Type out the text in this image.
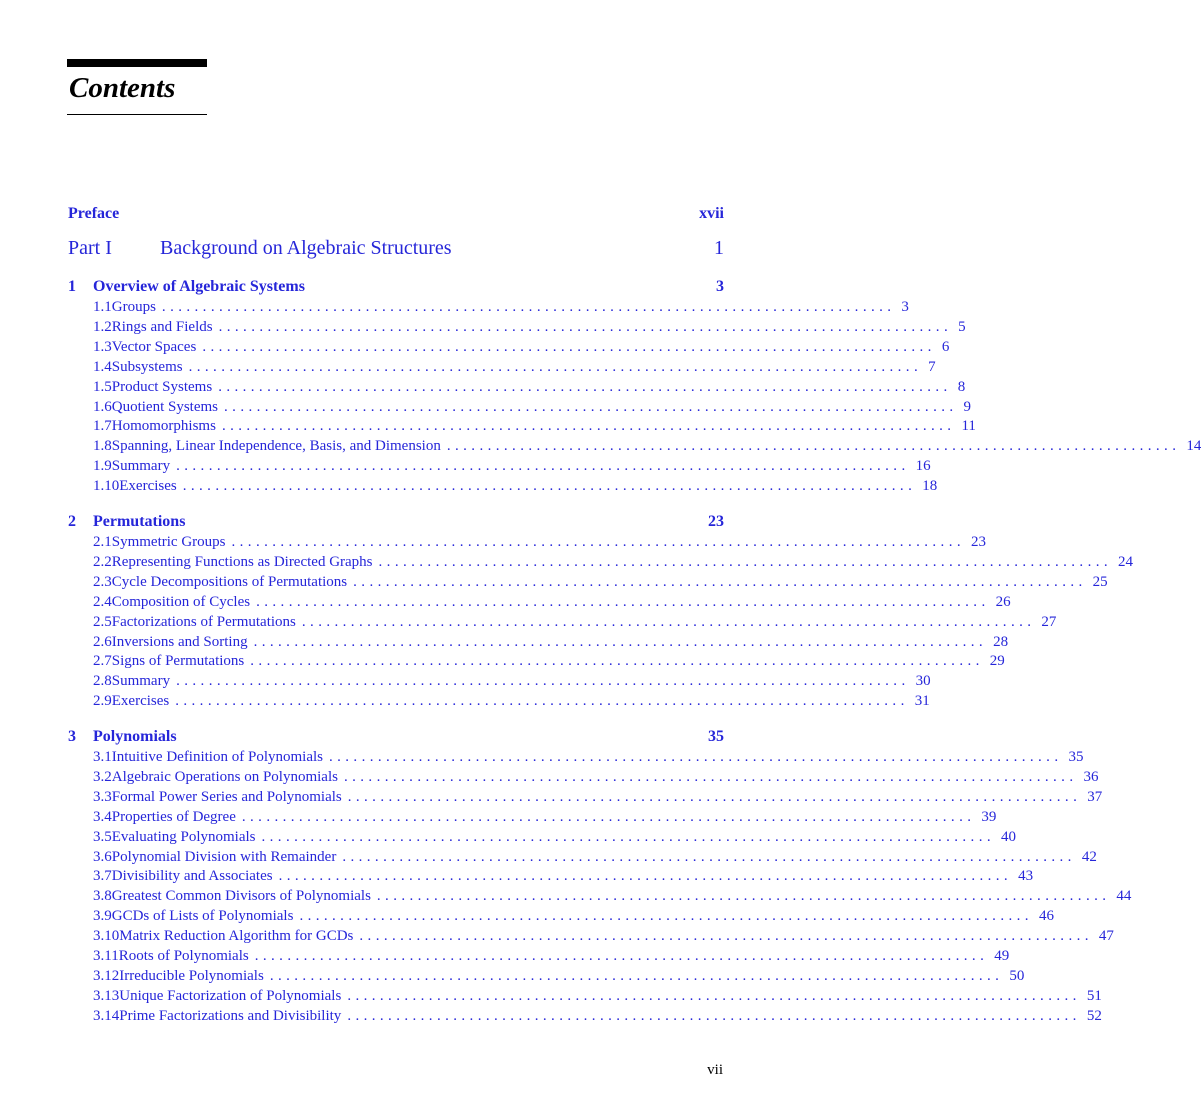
Contents
Preface	xvii
Part I	Background on Algebraic Structures	1
1	Overview of Algebraic Systems	3
1.1 Groups .......................................................................................... 3
1.2 Rings and Fields .......................................................................................... 5
1.3 Vector Spaces .......................................................................................... 6
1.4 Subsystems .......................................................................................... 7
1.5 Product Systems .......................................................................................... 8
1.6 Quotient Systems .......................................................................................... 9
1.7 Homomorphisms .......................................................................................... 11
1.8 Spanning, Linear Independence, Basis, and Dimension .......................................................................................... 14
1.9 Summary .......................................................................................... 16
1.10 Exercises .......................................................................................... 18
2	Permutations	23
2.1 Symmetric Groups .......................................................................................... 23
2.2 Representing Functions as Directed Graphs .......................................................................................... 24
2.3 Cycle Decompositions of Permutations .......................................................................................... 25
2.4 Composition of Cycles .......................................................................................... 26
2.5 Factorizations of Permutations .......................................................................................... 27
2.6 Inversions and Sorting .......................................................................................... 28
2.7 Signs of Permutations .......................................................................................... 29
2.8 Summary .......................................................................................... 30
2.9 Exercises .......................................................................................... 31
3	Polynomials	35
3.1 Intuitive Definition of Polynomials .......................................................................................... 35
3.2 Algebraic Operations on Polynomials .......................................................................................... 36
3.3 Formal Power Series and Polynomials .......................................................................................... 37
3.4 Properties of Degree .......................................................................................... 39
3.5 Evaluating Polynomials .......................................................................................... 40
3.6 Polynomial Division with Remainder .......................................................................................... 42
3.7 Divisibility and Associates .......................................................................................... 43
3.8 Greatest Common Divisors of Polynomials .......................................................................................... 44
3.9 GCDs of Lists of Polynomials .......................................................................................... 46
3.10 Matrix Reduction Algorithm for GCDs .......................................................................................... 47
3.11 Roots of Polynomials .......................................................................................... 49
3.12 Irreducible Polynomials .......................................................................................... 50
3.13 Unique Factorization of Polynomials .......................................................................................... 51
3.14 Prime Factorizations and Divisibility .......................................................................................... 52
vii
